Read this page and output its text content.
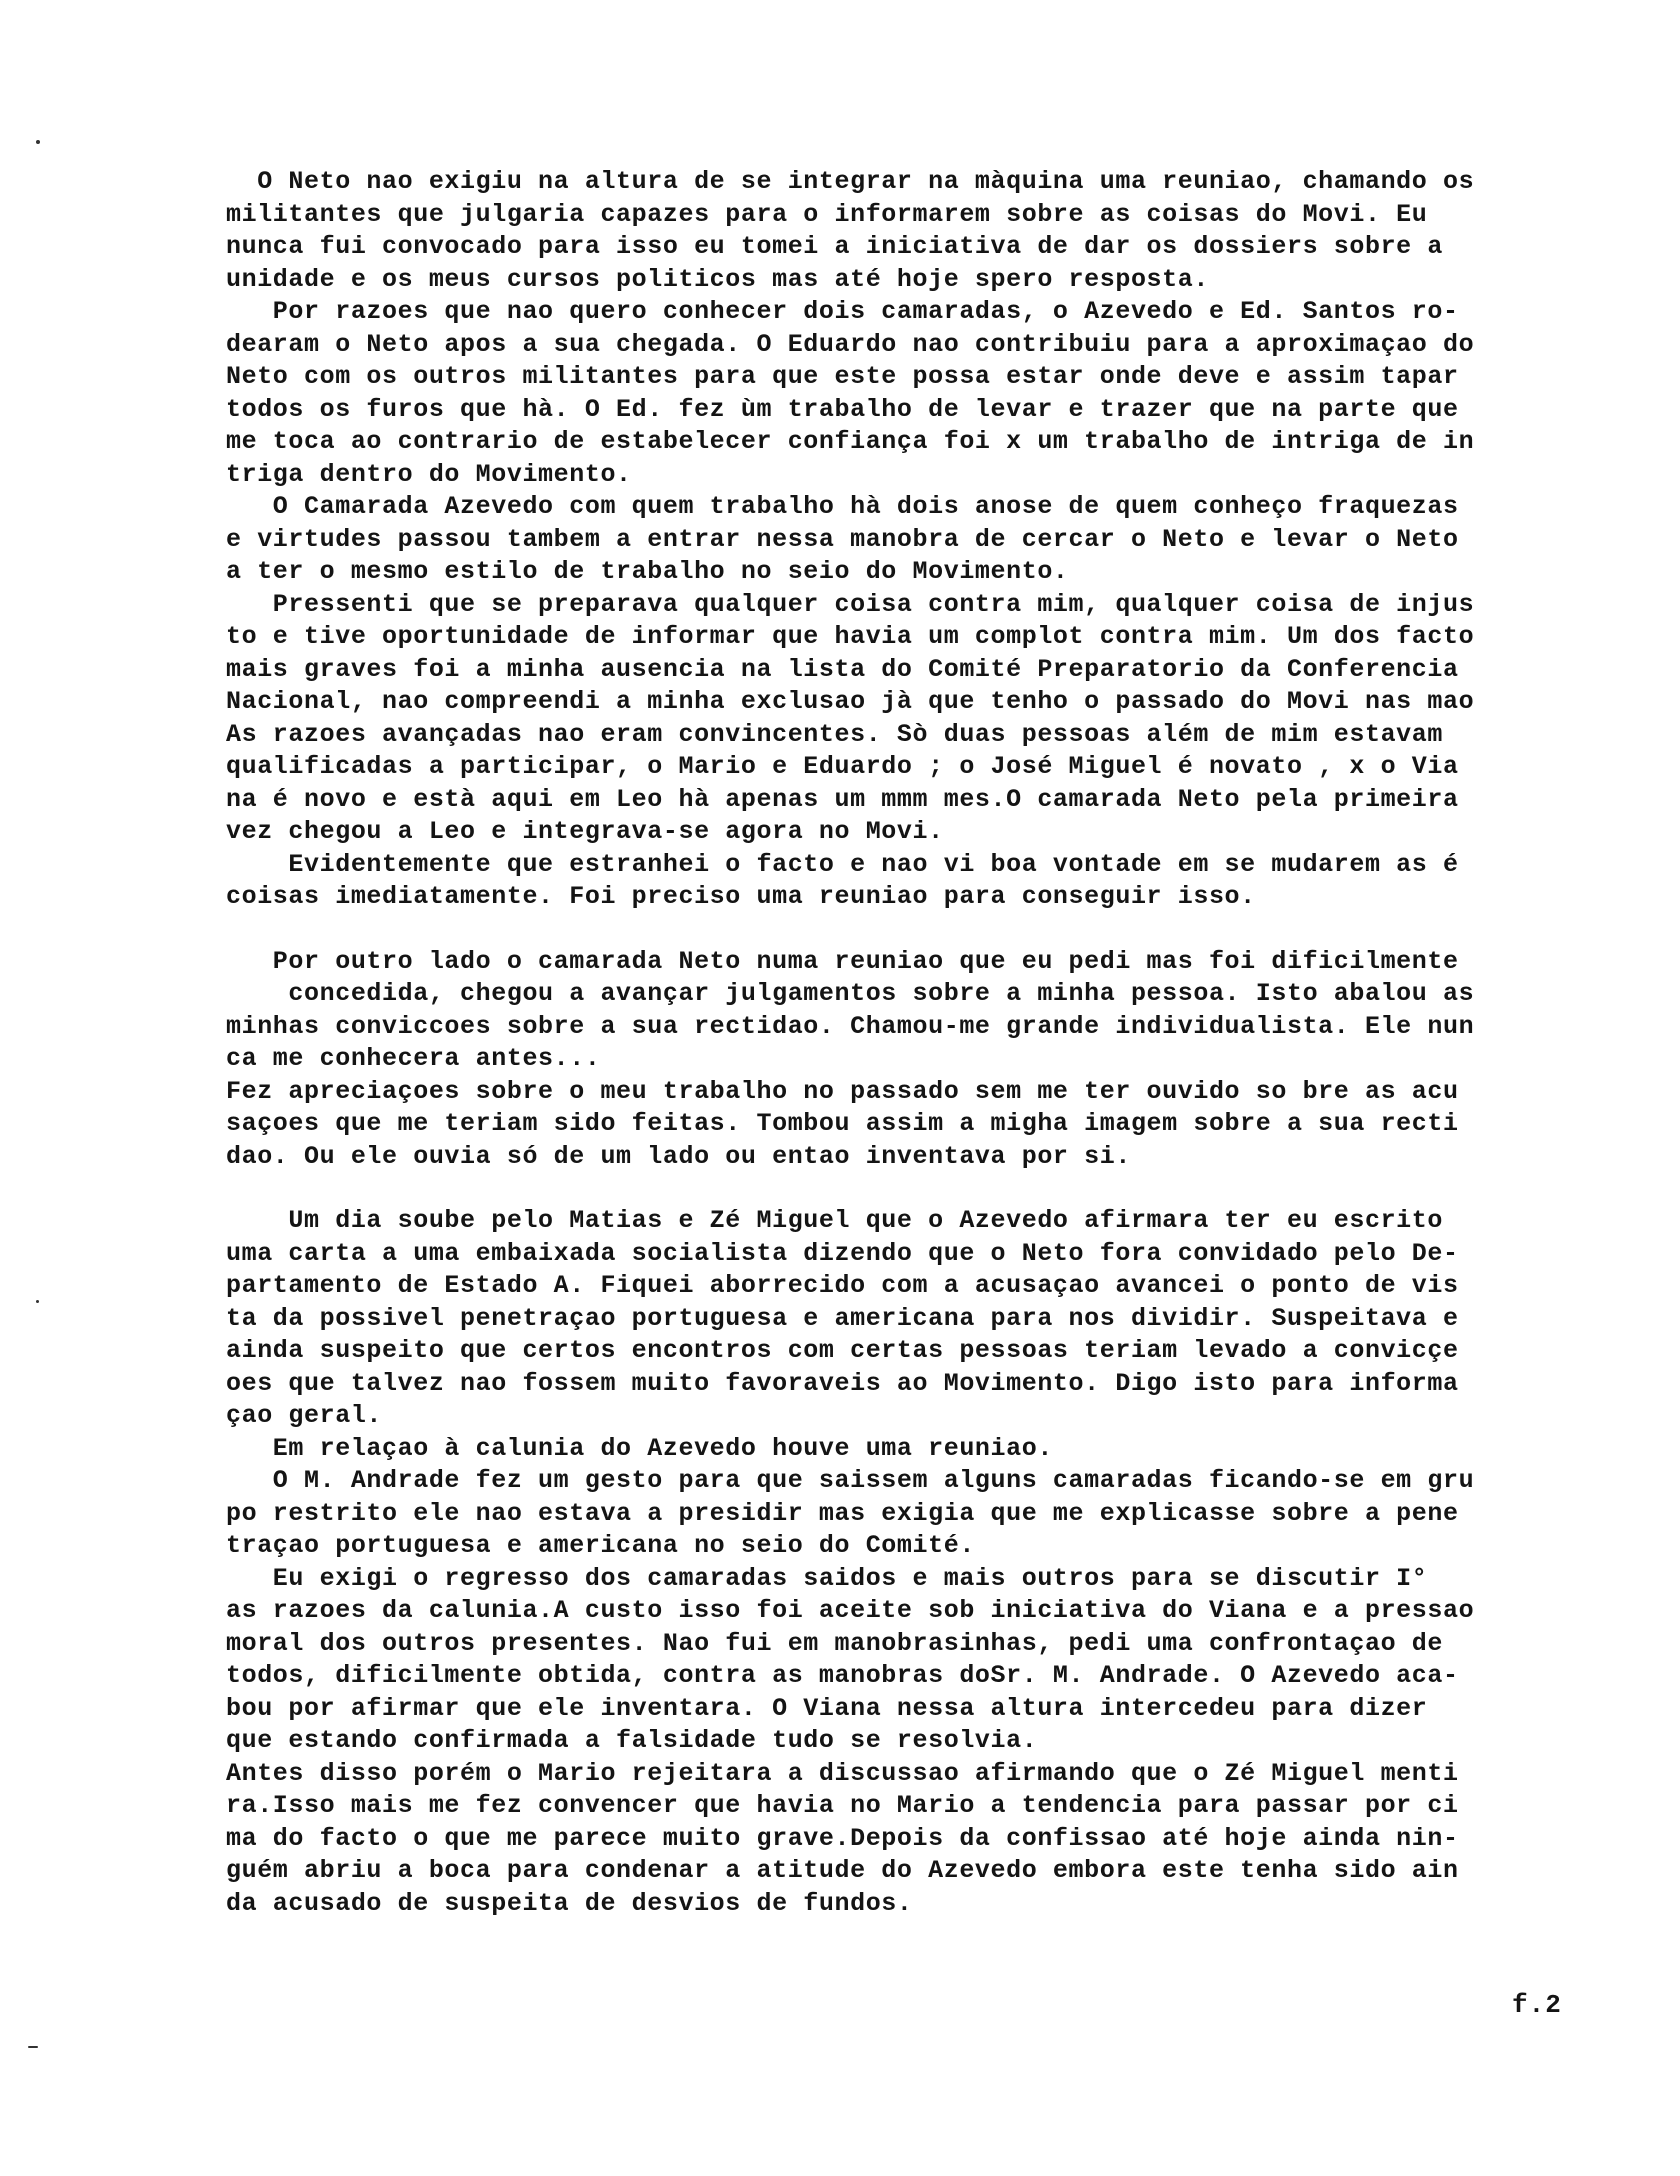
O Neto nao exigiu na altura de se integrar na màquina uma reuniao, chamando os
militantes que julgaria capazes para o informarem sobre as coisas do Movi. Eu
nunca fui convocado para isso eu tomei a iniciativa de dar os dossiers sobre a
unidade e os meus cursos politicos mas até hoje spero resposta.
Por razoes que nao quero conhecer dois camaradas, o Azevedo e Ed. Santos ro-
dearam o Neto apos a sua chegada. O Eduardo nao contribuiu para a aproximaçao do
Neto com os outros militantes para que este possa estar onde deve e assim tapar
todos os furos que hà. O Ed. fez ùm trabalho de levar e trazer que na parte que
me toca ao contrario de estabelecer confiança foi x um trabalho de intriga de in
triga dentro do Movimento.
O Camarada Azevedo com quem trabalho hà dois anose de quem conheço fraquezas
e virtudes passou tambem a entrar nessa manobra de cercar o Neto e levar o Neto
a ter o mesmo estilo de trabalho no seio do Movimento.
Pressenti que se preparava qualquer coisa contra mim, qualquer coisa de injus
to e tive oportunidade de informar que havia um complot contra mim. Um dos facto
mais graves foi a minha ausencia na lista do Comité Preparatorio da Conferencia
Nacional, nao compreendi a minha exclusao jà que tenho o passado do Movi nas mao
As razoes avançadas nao eram convincentes. Sò duas pessoas além de mim estavam
qualificadas a participar, o Mario e Eduardo ; o José Miguel é novato , x o Via
na é novo e està aqui em Leo hà apenas um mmm mes.O camarada Neto pela primeira
vez chegou a Leo e integrava-se agora no Movi.
Evidentemente que estranhei o facto e nao vi boa vontade em se mudarem as é
coisas imediatamente. Foi preciso uma reuniao para conseguir isso.
Por outro lado o camarada Neto numa reuniao que eu pedi mas foi dificilmente
concedida, chegou a avançar julgamentos sobre a minha pessoa. Isto abalou as
minhas conviccoes sobre a sua rectidao. Chamou-me grande individualista. Ele nun
ca me conhecera antes...
Fez apreciaçoes sobre o meu trabalho no passado sem me ter ouvido so bre as acu
saçoes que me teriam sido feitas. Tombou assim a migha imagem sobre a sua recti
dao. Ou ele ouvia só de um lado ou entao inventava por si.
Um dia soube pelo Matias e Zé Miguel que o Azevedo afirmara ter eu escrito
uma carta a uma embaixada socialista dizendo que o Neto fora convidado pelo De-
partamento de Estado A. Fiquei aborrecido com a acusaçao avancei o ponto de vis
ta da possivel penetraçao portuguesa e americana para nos dividir. Suspeitava e
ainda suspeito que certos encontros com certas pessoas teriam levado a convicçe
oes que talvez nao fossem muito favoraveis ao Movimento. Digo isto para informa
çao geral.
Em relaçao à calunia do Azevedo houve uma reuniao.
O M. Andrade fez um gesto para que saissem alguns camaradas ficando-se em gru
po restrito ele nao estava a presidir mas exigia que me explicasse sobre a pene
traçao portuguesa e americana no seio do Comité.
Eu exigi o regresso dos camaradas saidos e mais outros para se discutir I°
as razoes da calunia.A custo isso foi aceite sob iniciativa do Viana e a pressao
moral dos outros presentes. Nao fui em manobrasinhas, pedi uma confrontaçao de
todos, dificilmente obtida, contra as manobras doSr. M. Andrade. O Azevedo aca-
bou por afirmar que ele inventara. O Viana nessa altura intercedeu para dizer
que estando confirmada a falsidade tudo se resolvia.
Antes disso porém o Mario rejeitara a discussao afirmando que o Zé Miguel menti
ra.Isso mais me fez convencer que havia no Mario a tendencia para passar por ci
ma do facto o que me parece muito grave.Depois da confissao até hoje ainda nin-
guém abriu a boca para condenar a atitude do Azevedo embora este tenha sido ain
da acusado de suspeita de desvios de fundos.
f.2
